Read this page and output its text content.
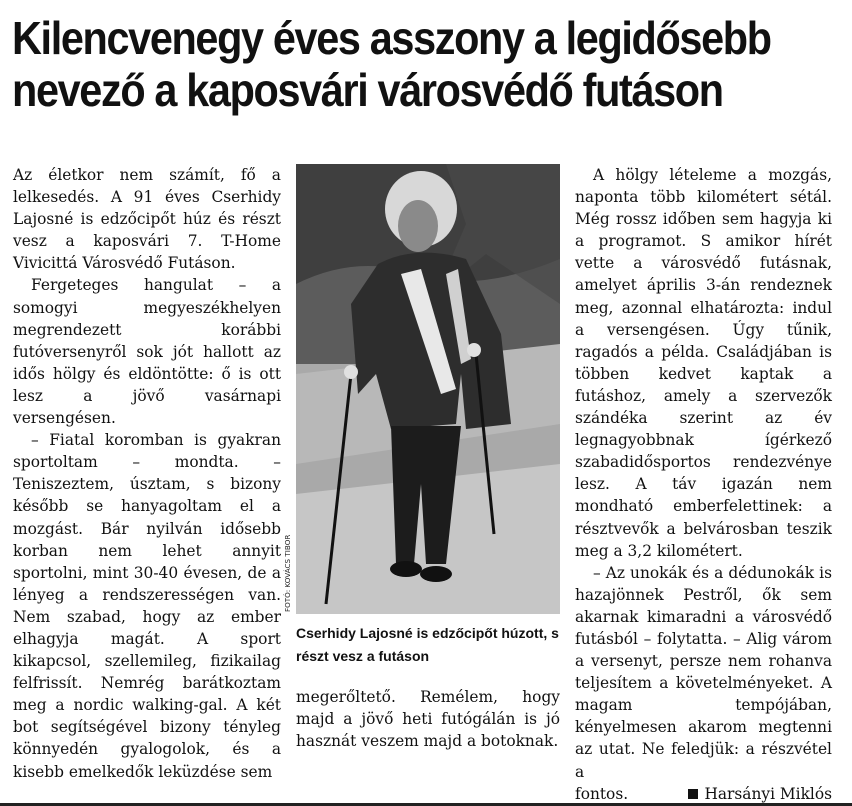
Kilencvenegy éves asszony a legidősebb
nevező a kaposvári városvédő futáson

Az életkor nem számít, fő a lelkesedés. A 91 éves Cserhidy Lajosné is edzőcipőt húz és részt vesz a kaposvári 7. T-Home Vivicittá Városvédő Futáson.

Fergeteges hangulat – a somogyi megyeszékhelyen megrendezett korábbi futóversenyről sok jót hallott az idős hölgy és eldöntötte: ő is ott lesz a jövő vasárnapi versengésen.

– Fiatal koromban is gyakran sportoltam – mondta. – Teniszeztem, úsztam, s bizony később se hanyagoltam el a mozgást. Bár nyilván idősebb korban nem lehet annyit sportolni, mint 30-40 évesen, de a lényeg a rendszerességen van. Nem szabad, hogy az ember elhagyja magát. A sport kikapcsol, szellemileg, fizikailag felfrissít. Nemrég barátkoztam meg a nordic walking-gal. A két bot segítségével bizony tényleg könnyedén gyalogolok, és a kisebb emelkedők leküzdése sem

FOTÓ: KOVÁCS TIBOR
Cserhidy Lajosné is edzőcipőt húzott, s részt vesz a futáson

megerőltető. Remélem, hogy majd a jövő heti futógálán is jó hasznát veszem majd a botoknak.

A hölgy lételeme a mozgás, naponta több kilométert sétál. Még rossz időben sem hagyja ki a programot. S amikor hírét vette a városvédő futásnak, amelyet április 3-án rendeznek meg, azonnal elhatározta: indul a versengésen. Úgy tűnik, ragadós a példa. Családjában is többen kedvet kaptak a futáshoz, amely a szervezők szándéka szerint az év legnagyobbnak ígérkező szabadidősportos rendezvénye lesz. A táv igazán nem mondható emberfelettinek: a résztvevők a belvárosban teszik meg a 3,2 kilométert.

– Az unokák és a dédunokák is hazajönnek Pestről, ők sem akarnak kimaradni a városvédő futásból – folytatta. – Alig várom a versenyt, persze nem rohanva teljesítem a követelményeket. A magam tempójában, kényelmesen akarom megtenni az utat. Ne feledjük: a részvétel a

fontos.	Harsányi Miklós
